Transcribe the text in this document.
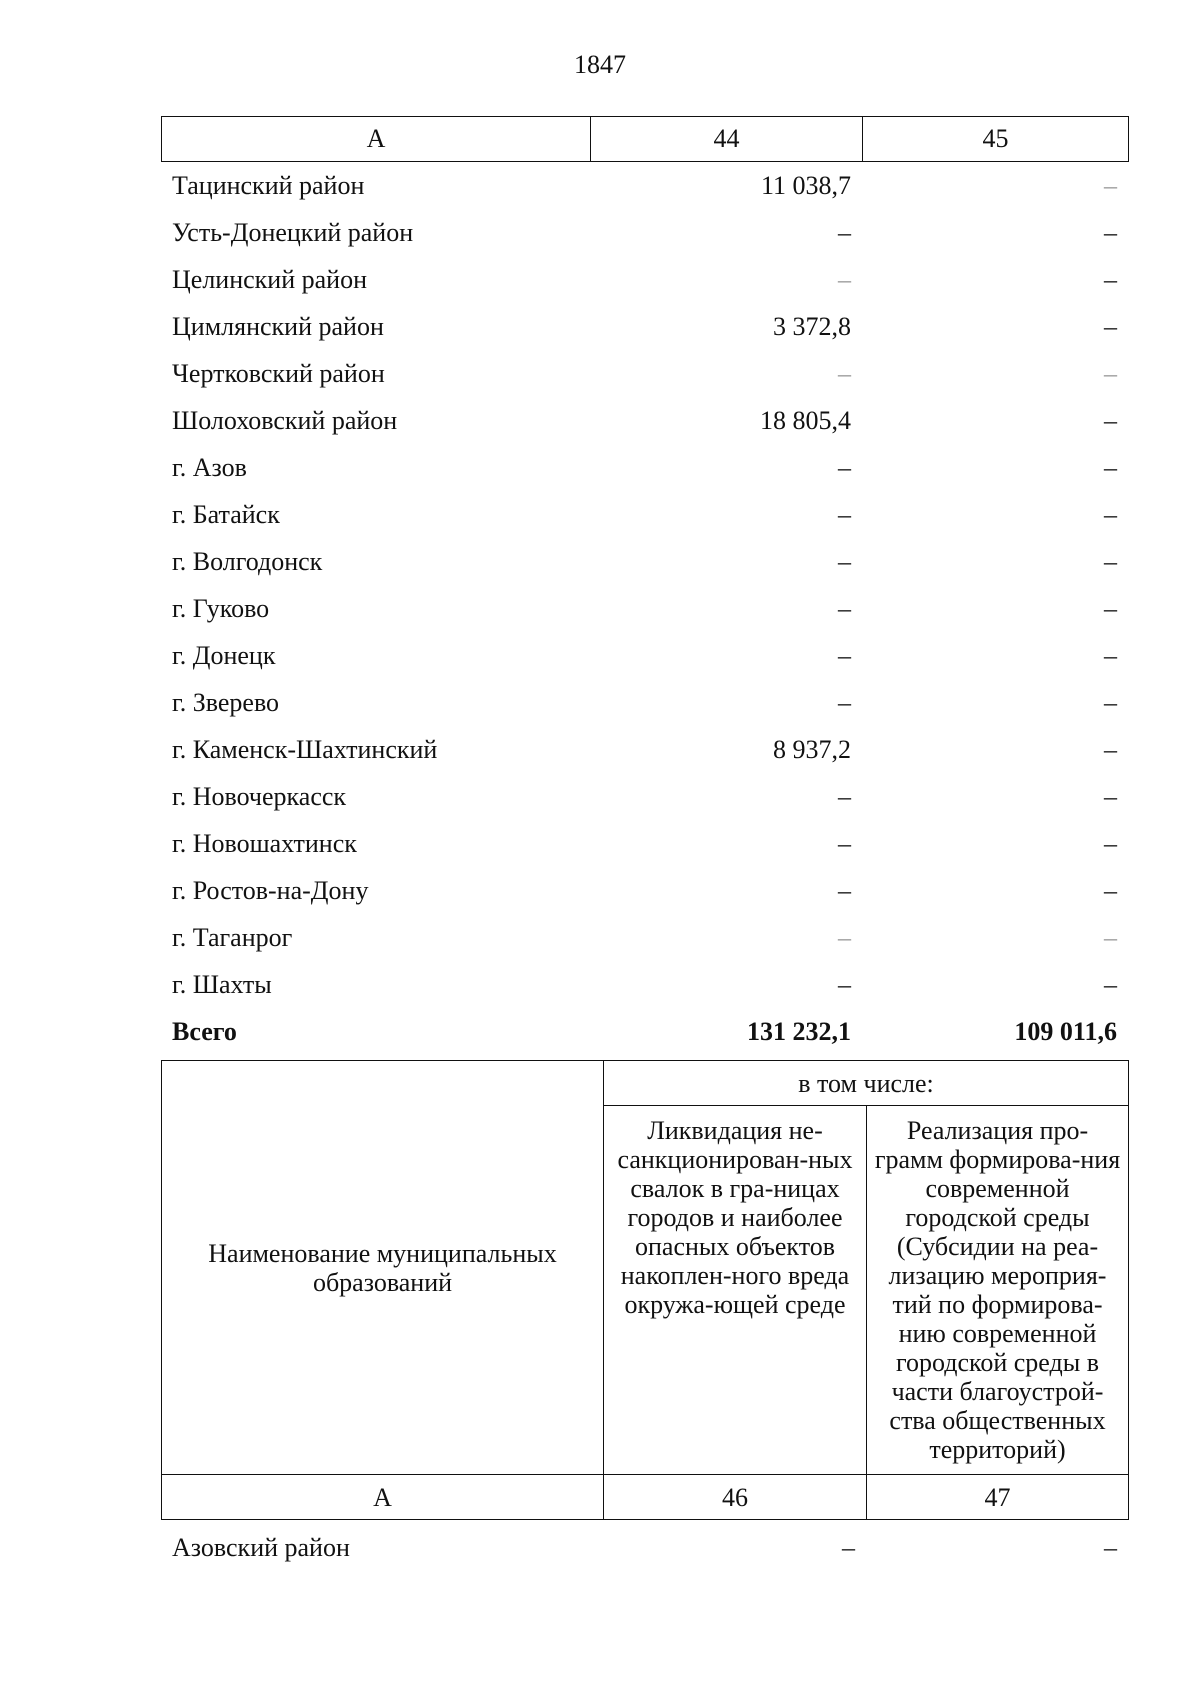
1847
А	44	45
Тацинский район	11 038,7	–
Усть-Донецкий район	–	–
Целинский район	–	–
Цимлянский район	3 372,8	–
Чертковский район	–	–
Шолоховский район	18 805,4	–
г. Азов	–	–
г. Батайск	–	–
г. Волгодонск	–	–
г. Гуково	–	–
г. Донецк	–	–
г. Зверево	–	–
г. Каменск-Шахтинский	8 937,2	–
г. Новочеркасск	–	–
г. Новошахтинск	–	–
г. Ростов-на-Дону	–	–
г. Таганрог	–	–
г. Шахты	–	–
Всего	131 232,1	109 011,6
Наименование муниципальных образований	в том числе:	
	Ликвидация не-санкционирован-ных свалок в гра-ницах городов и наиболее опасных объектов накоплен-ного вреда окружа-ющей среде	Реализация про-грамм формирова-ния современной городской среды (Субсидии на реа-лизацию мероприя-тий по формирова-нию современной городской среды в части благоустрой-ства общественных территорий)
А	46	47
Азовский район	–	–
